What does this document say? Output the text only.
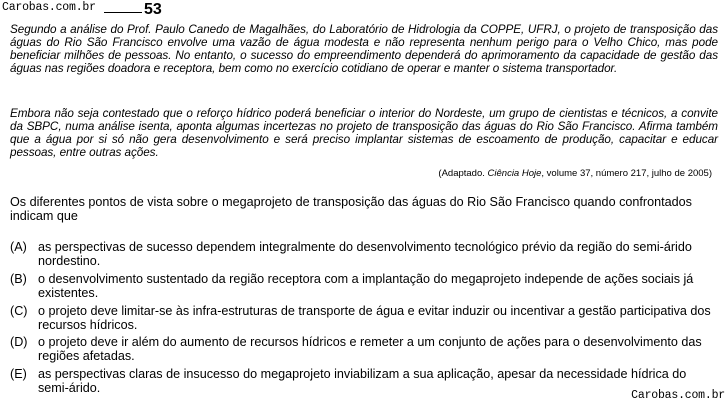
Carobas.com.br	53

Segundo a análise do Prof. Paulo Canedo de Magalhães, do Laboratório de Hidrologia da COPPE, UFRJ, o projeto de transposição das águas do Rio São Francisco envolve uma vazão de água modesta e não representa nenhum perigo para o Velho Chico, mas pode beneficiar milhões de pessoas. No entanto, o sucesso do empreendimento dependerá do aprimoramento da capacidade de gestão das águas nas regiões doadora e receptora, bem como no exercício cotidiano de operar e manter o sistema transportador.

Embora não seja contestado que o reforço hídrico poderá beneficiar o interior do Nordeste, um grupo de cientistas e técnicos, a convite da SBPC, numa análise isenta, aponta algumas incertezas no projeto de transposição das águas do Rio São Francisco. Afirma também que a água por si só não gera desenvolvimento e será preciso implantar sistemas de escoamento de produção, capacitar e educar pessoas, entre outras ações.

(Adaptado. Ciência Hoje, volume 37, número 217, julho de 2005)

Os diferentes pontos de vista sobre o megaprojeto de transposição das águas do Rio São Francisco quando confrontados indicam que

(A) as perspectivas de sucesso dependem integralmente do desenvolvimento tecnológico prévio da região do semi-árido nordestino.
(B) o desenvolvimento sustentado da região receptora com a implantação do megaprojeto independe de ações sociais já existentes.
(C) o projeto deve limitar-se às infra-estruturas de transporte de água e evitar induzir ou incentivar a gestão participativa dos recursos hídricos.
(D) o projeto deve ir além do aumento de recursos hídricos e remeter a um conjunto de ações para o desenvolvimento das regiões afetadas.
(E) as perspectivas claras de insucesso do megaprojeto inviabilizam a sua aplicação, apesar da necessidade hídrica do semi-árido.
Carobas.com.br
